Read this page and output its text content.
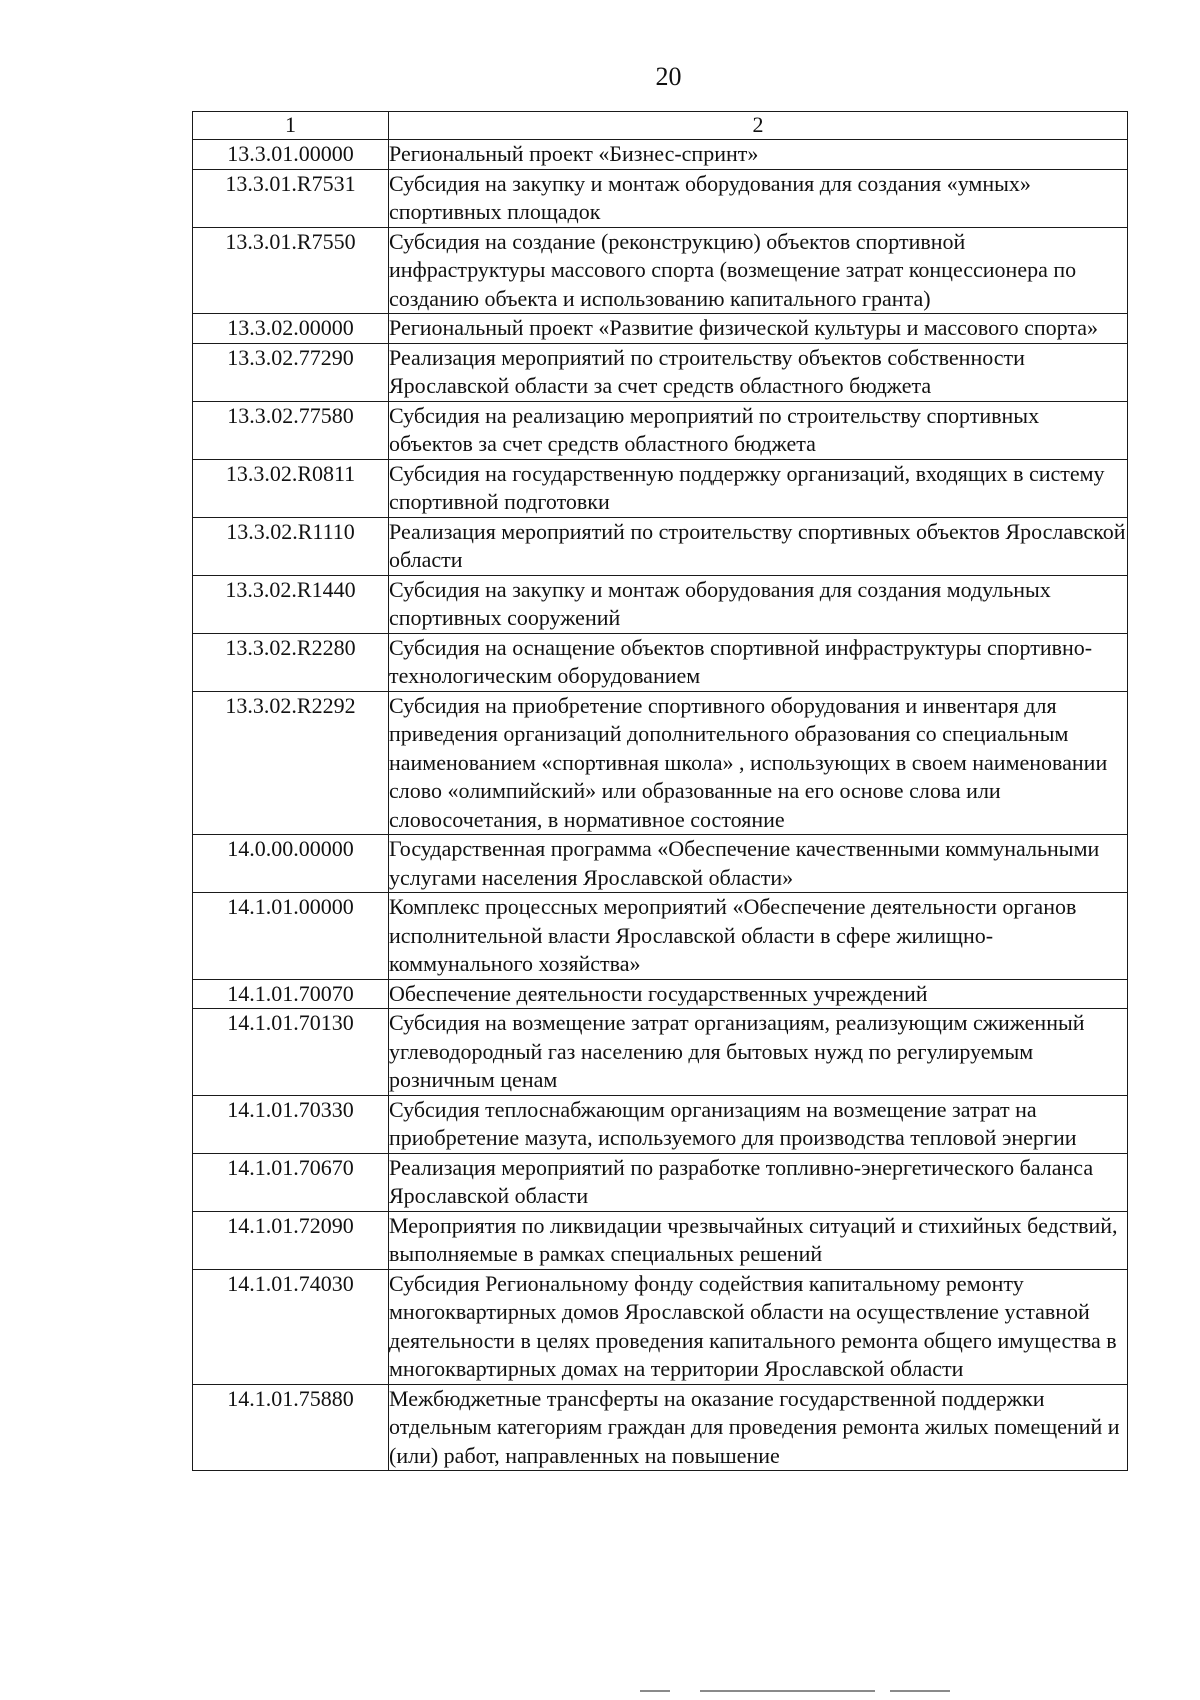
20
1	2
13.3.01.00000	Региональный проект «Бизнес-спринт»
13.3.01.R7531	Субсидия на закупку и монтаж оборудования для создания «умных» спортивных площадок
13.3.01.R7550	Субсидия на создание (реконструкцию) объектов спортивной инфраструктуры массового спорта (возмещение затрат концессионера по созданию объекта и использованию капитального гранта)
13.3.02.00000	Региональный проект «Развитие физической культуры и массового спорта»
13.3.02.77290	Реализация мероприятий по строительству объектов собственности Ярославской области за счет средств областного бюджета
13.3.02.77580	Субсидия на реализацию мероприятий по строительству спортивных объектов за счет средств областного бюджета
13.3.02.R0811	Субсидия на государственную поддержку организаций, входящих в систему спортивной подготовки
13.3.02.R1110	Реализация мероприятий по строительству спортивных объектов Ярославской области
13.3.02.R1440	Субсидия на закупку и монтаж оборудования для создания модульных спортивных сооружений
13.3.02.R2280	Субсидия на оснащение объектов спортивной инфраструктуры спортивно-технологическим оборудованием
13.3.02.R2292	Субсидия на приобретение спортивного оборудования и инвентаря для приведения организаций дополнительного образования со специальным наименованием «спортивная школа» , использующих в своем наименовании слово «олимпийский» или образованные на его основе слова или словосочетания, в нормативное состояние
14.0.00.00000	Государственная программа «Обеспечение качественными коммунальными услугами населения Ярославской области»
14.1.01.00000	Комплекс процессных мероприятий «Обеспечение деятельности органов исполнительной власти Ярославской области в сфере жилищно-коммунального хозяйства»
14.1.01.70070	Обеспечение деятельности государственных учреждений
14.1.01.70130	Субсидия на возмещение затрат организациям, реализующим сжиженный углеводородный газ населению для бытовых нужд по регулируемым розничным ценам
14.1.01.70330	Субсидия теплоснабжающим организациям на возмещение затрат на приобретение мазута, используемого для производства тепловой энергии
14.1.01.70670	Реализация мероприятий по разработке топливно-энергетического баланса Ярославской области
14.1.01.72090	Мероприятия по ликвидации чрезвычайных ситуаций и стихийных бедствий, выполняемые в рамках специальных решений
14.1.01.74030	Субсидия Региональному фонду содействия капитальному ремонту многоквартирных домов Ярославской области на осуществление уставной деятельности в целях проведения капитального ремонта общего имущества в многоквартирных домах на территории Ярославской области
14.1.01.75880	Межбюджетные трансферты на оказание государственной поддержки отдельным категориям граждан для проведения ремонта жилых помещений и (или) работ, направленных на повышение
